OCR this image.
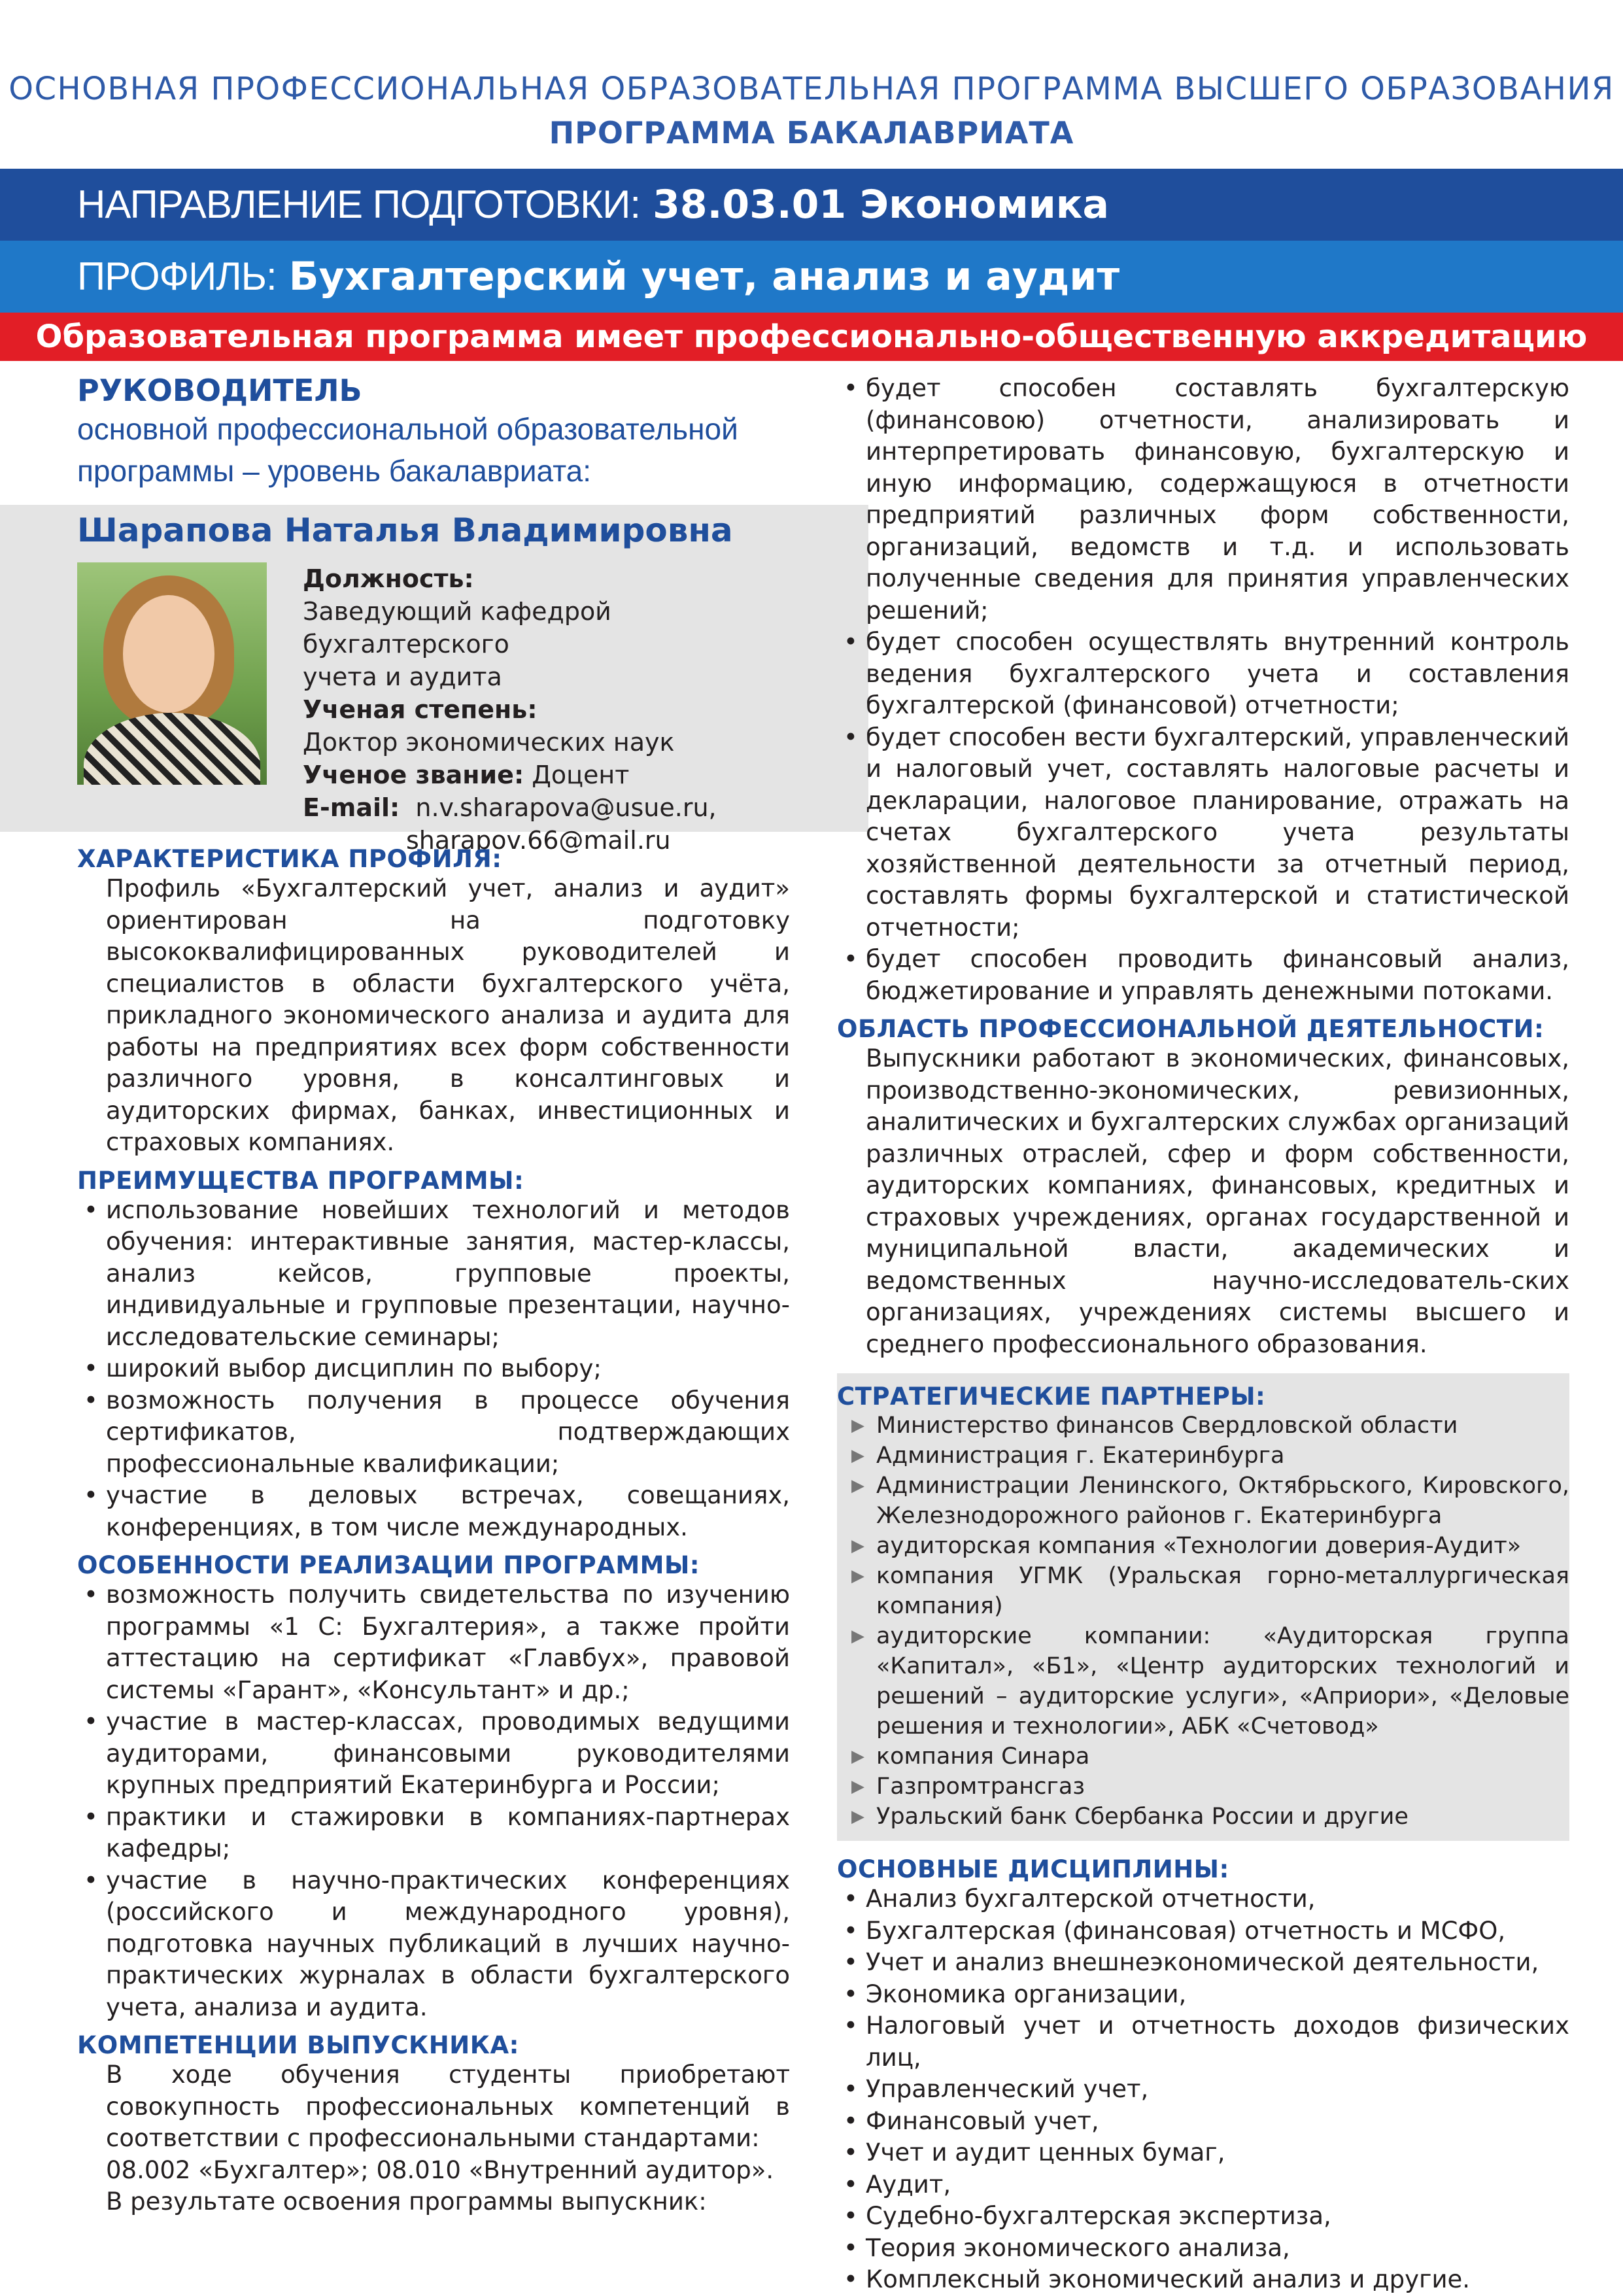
ОСНОВНАЯ ПРОФЕССИОНАЛЬНАЯ ОБРАЗОВАТЕЛЬНАЯ ПРОГРАММА ВЫСШЕГО ОБРАЗОВАНИЯ
ПРОГРАММА БАКАЛАВРИАТА
НАПРАВЛЕНИЕ ПОДГОТОВКИ: 38.03.01 Экономика
ПРОФИЛЬ: Бухгалтерский учет, анализ и аудит
Образовательная программа имеет профессионально-общественную аккредитацию
РУКОВОДИТЕЛЬ
основной профессиональной образовательной
программы – уровень бакалавриата:
Шарапова Наталья Владимировна
Должность:
Заведующий кафедрой бухгалтерского
учета и аудита
Ученая степень:
Доктор экономических наук
Ученое звание: Доцент
E-mail: n.v.sharapova@usue.ru,
sharapov.66@mail.ru
ХАРАКТЕРИСТИКА ПРОФИЛЯ:
Профиль «Бухгалтерский учет, анализ и аудит» ориентирован на подготовку высококвалифицированных руководителей и специалистов в области бухгалтерского учёта, прикладного экономического анализа и аудита для работы на предприятиях всех форм собственности различного уровня, в консалтинговых и аудиторских фирмах, банках, инвестиционных и страховых компаниях.
ПРЕИМУЩЕСТВА ПРОГРАММЫ:
• использование новейших технологий и методов обучения: интерактивные занятия, мастер-классы, анализ кейсов, групповые проекты, индивидуальные и групповые презентации, научно-исследовательские семинары;
• широкий выбор дисциплин по выбору;
• возможность получения в процессе обучения сертификатов, подтверждающих профессиональные квалификации;
• участие в деловых встречах, совещаниях, конференциях, в том числе международных.
ОСОБЕННОСТИ РЕАЛИЗАЦИИ ПРОГРАММЫ:
• возможность получить свидетельства по изучению программы «1 С: Бухгалтерия», а также пройти аттестацию на сертификат «Главбух», правовой системы «Гарант», «Консультант» и др.;
• участие в мастер-классах, проводимых ведущими аудиторами, финансовыми руководителями крупных предприятий Екатеринбурга и России;
• практики и стажировки в компаниях-партнерах кафедры;
• участие в научно-практических конференциях (российского и международного уровня), подготовка научных публикаций в лучших научно-практических журналах в области бухгалтерского учета, анализа и аудита.
КОМПЕТЕНЦИИ ВЫПУСКНИКА:
В ходе обучения студенты приобретают совокупность профессиональных компетенций в соответствии с профессиональными стандартами:
08.002 «Бухгалтер»; 08.010 «Внутренний аудитор».
В результате освоения программы выпускник:
• будет способен составлять бухгалтерскую (финансовою) отчетности, анализировать и интерпретировать финансовую, бухгалтерскую и иную информацию, содержащуюся в отчетности предприятий различных форм собственности, организаций, ведомств и т.д. и использовать полученные сведения для принятия управленческих решений;
• будет способен осуществлять внутренний контроль ведения бухгалтерского учета и составления бухгалтерской (финансовой) отчетности;
• будет способен вести бухгалтерский, управленческий и налоговый учет, составлять налоговые расчеты и декларации, налоговое планирование, отражать на счетах бухгалтерского учета результаты хозяйственной деятельности за отчетный период, составлять формы бухгалтерской и статистической отчетности;
• будет способен проводить финансовый анализ, бюджетирование и управлять денежными потоками.
ОБЛАСТЬ ПРОФЕССИОНАЛЬНОЙ ДЕЯТЕЛЬНОСТИ:
Выпускники работают в экономических, финансовых, производственно-экономических, ревизионных, аналитических и бухгалтерских службах организаций различных отраслей, сфер и форм собственности, аудиторских компаниях, финансовых, кредитных и страховых учреждениях, органах государственной и муниципальной власти, академических и ведомственных научно-исследователь-ских организациях, учреждениях системы высшего и среднего профессионального образования.
СТРАТЕГИЧЕСКИЕ ПАРТНЕРЫ:
▶ Министерство финансов Свердловской области
▶ Администрация г. Екатеринбурга
▶ Администрации Ленинского, Октябрьского, Кировского, Железнодорожного районов г. Екатеринбурга
▶ аудиторская компания «Технологии доверия-Аудит»
▶ компания УГМК (Уральская горно-металлургическая компания)
▶ аудиторские компании: «Аудиторская группа «Капитал», «Б1», «Центр аудиторских технологий и решений – аудиторские услуги», «Априори», «Деловые решения и технологии», АБК «Счетовод»
▶ компания Синара
▶ Газпромтрансгаз
▶ Уральский банк Сбербанка России и другие
ОСНОВНЫЕ ДИСЦИПЛИНЫ:
• Анализ бухгалтерской отчетности,
• Бухгалтерская (финансовая) отчетность и МСФО,
• Учет и анализ внешнеэкономической деятельности,
• Экономика организации,
• Налоговый учет и отчетность доходов физических лиц,
• Управленческий учет,
• Финансовый учет,
• Учет и аудит ценных бумаг,
• Аудит,
• Судебно-бухгалтерская экспертиза,
• Теория экономического анализа,
• Комплексный экономический анализ и другие.
